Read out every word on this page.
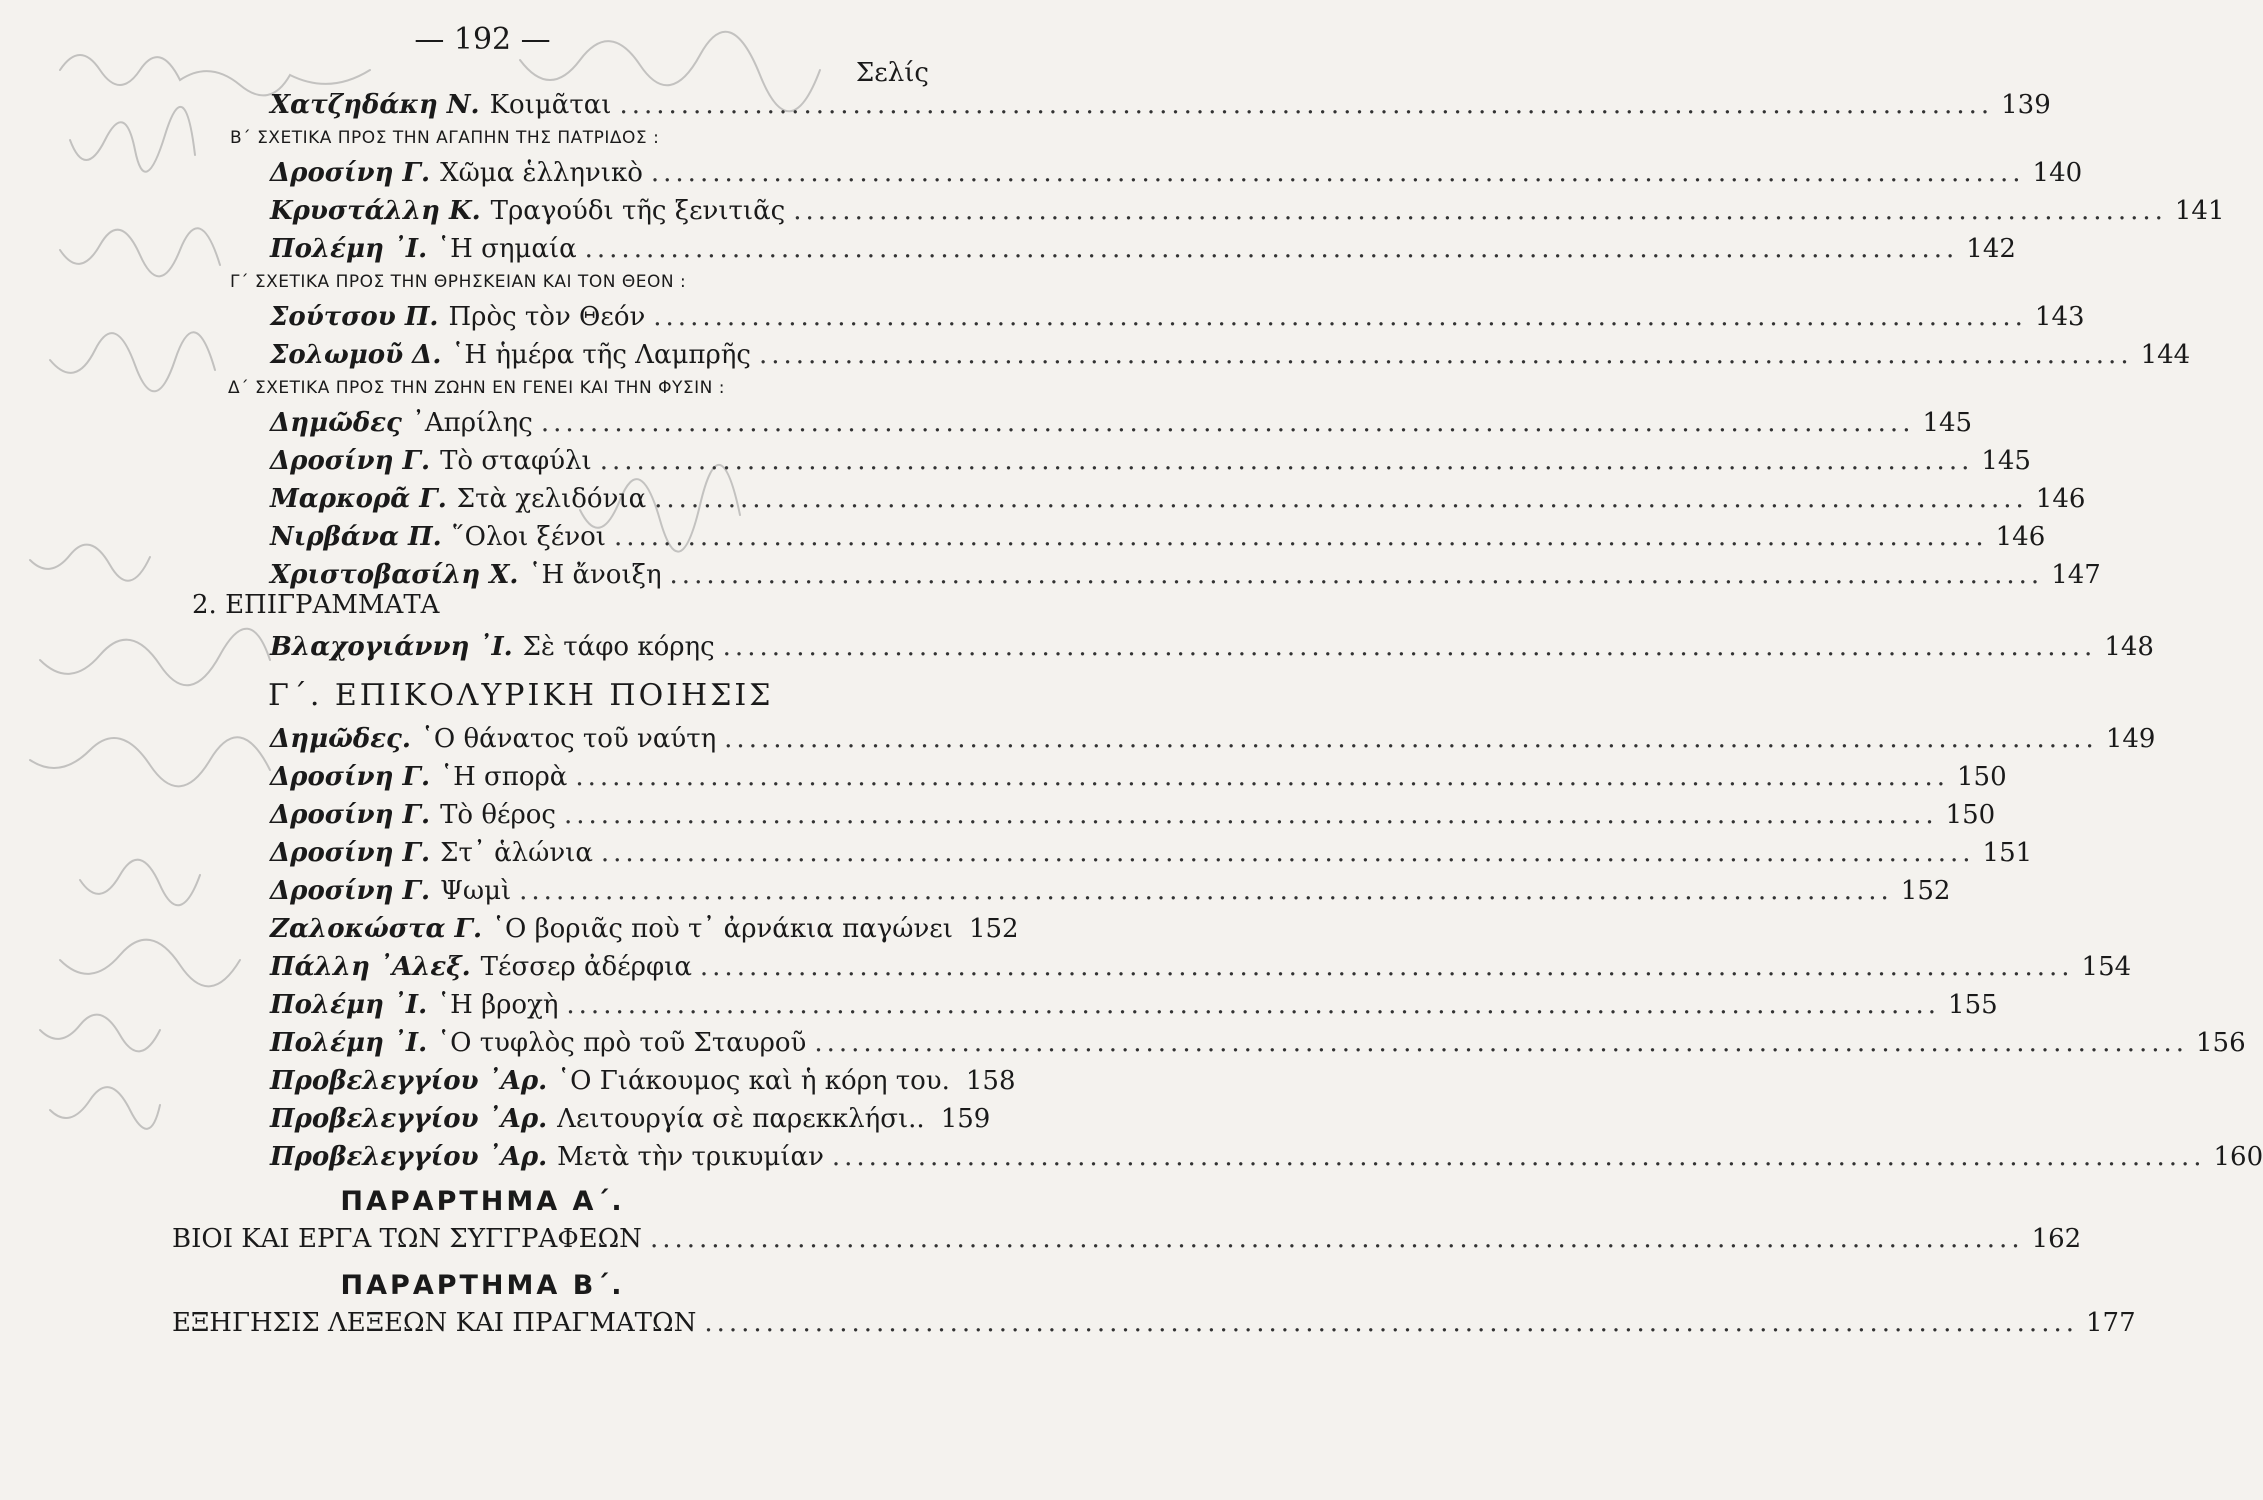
— 192 —
Σελίς
Χατζηδάκη Ν. Κοιμᾶται .....	139
Β΄ ΣΧΕΤΙΚΑ ΠΡΟΣ ΤΗΝ ΑΓΑΠΗΝ ΤΗΣ ΠΑΤΡΙΔΟΣ :
Δροσίνη Γ. Χῶμα ἑλληνικὸ .....	140
Κρυστάλλη Κ. Τραγούδι τῆς ξενιτιᾶς .....	141
Πολέμη ᾿Ι. ῾Η σημαία .....	142
Γ΄ ΣΧΕΤΙΚΑ ΠΡΟΣ ΤΗΝ ΘΡΗΣΚΕΙΑΝ ΚΑΙ ΤΟΝ ΘΕΟΝ :
Σούτσου Π. Πρὸς τὸν Θεόν .....	143
Σολωμοῦ Δ. ῾Η ἡμέρα τῆς Λαμπρῆς .....	144
Δ΄ ΣΧΕΤΙΚΑ ΠΡΟΣ ΤΗΝ ΖΩΗΝ ΕΝ ΓΕΝΕΙ ΚΑΙ ΤΗΝ ΦΥΣΙΝ :
Δημῶδες ᾿Απρίλης .....	145
Δροσίνη Γ. Τὸ σταφύλι .....	145
Μαρκορᾶ Γ. Στὰ χελιδόνια .....	146
Νιρβάνα Π. ῞Ολοι ξένοι .....	146
Χριστοβασίλη Χ. ῾Η ἄνοιξη .....	147
2. ΕΠΙΓΡΑΜΜΑΤΑ
Βλαχογιάννη ᾿Ι. Σὲ τάφο κόρης .....	148
Γ΄. ΕΠΙΚΟΛΥΡΙΚΗ ΠΟΙΗΣΙΣ
Δημῶδες. ῾Ο θάνατος τοῦ ναύτη .....	149
Δροσίνη Γ. ῾Η σπορὰ .....	150
Δροσίνη Γ. Τὸ θέρος .....	150
Δροσίνη Γ. Στ᾿ ἁλώνια .....	151
Δροσίνη Γ. Ψωμὶ .....	152
Ζαλοκώστα Γ. ῾Ο βοριᾶς ποὺ τ᾿ ἀρνάκια παγώνει 152
Πάλλη ᾿Αλεξ. Τέσσερ ἀδέρφια .....	154
Πολέμη ᾿Ι. ῾Η βροχὴ .....	155
Πολέμη ᾿Ι. ῾Ο τυφλὸς πρὸ τοῦ Σταυροῦ .....	156
Προβελεγγίου ᾿Αρ. ῾Ο Γιάκουμος καὶ ἡ κόρη του. 158
Προβελεγγίου ᾿Αρ. Λειτουργία σὲ παρεκκλήσι.. 159
Προβελεγγίου ᾿Αρ. Μετὰ τὴν τρικυμίαν .....	160
ΠΑΡΑΡΤΗΜΑ Α΄.
ΒΙΟΙ ΚΑΙ ΕΡΓΑ ΤΩΝ ΣΥΓΓΡΑΦΕΩΝ .....	162
ΠΑΡΑΡΤΗΜΑ Β΄.
ΕΞΗΓΗΣΙΣ ΛΕΞΕΩΝ ΚΑΙ ΠΡΑΓΜΑΤΩΝ .....	177
